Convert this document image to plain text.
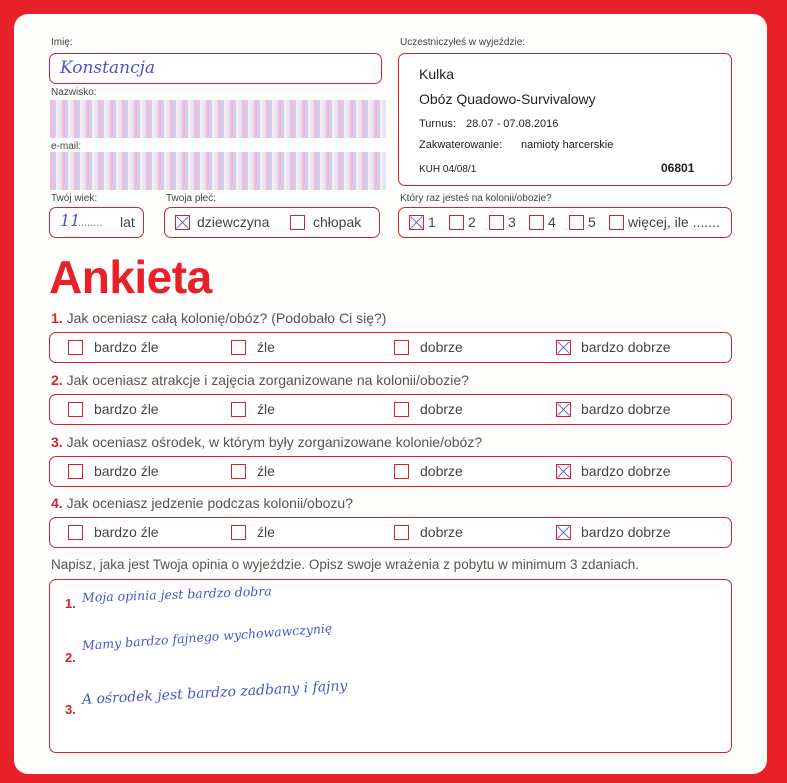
Imię:
Konstancja
Nazwisko:
e-mail:
Twój wiek:
11
........ lat
Twoja płeć:
dziewczyna	chłopak
Uczestniczyłeś w wyjeździe:
Kulka
Obóz Quadowo-Survivalowy
Turnus: 28.07 - 07.08.2016
Zakwaterowanie: namioty harcerskie
KUH 04/08/1	06801
Który raz jesteś na kolonii/obozie?
1 2 3 4 5 więcej, ile .......
Ankieta
1. Jak oceniasz całą kolonię/obóz? (Podobało Ci się?)
bardzo źle	źle	dobrze	bardzo dobrze
2. Jak oceniasz atrakcje i zajęcia zorganizowane na kolonii/obozie?
bardzo źle	źle	dobrze	bardzo dobrze
3. Jak oceniasz ośrodek, w którym były zorganizowane kolonie/obóz?
bardzo źle	źle	dobrze	bardzo dobrze
4. Jak oceniasz jedzenie podczas kolonii/obozu?
bardzo źle	źle	dobrze	bardzo dobrze
Napisz, jaka jest Twoja opinia o wyjeździe. Opisz swoje wrażenia z pobytu w minimum 3 zdaniach.
1. Moja opinia jest bardzo dobra
2.
Mamy bardzo fajnego wychowawczynię
3.
A ośrodek jest bardzo zadbany i fajny
